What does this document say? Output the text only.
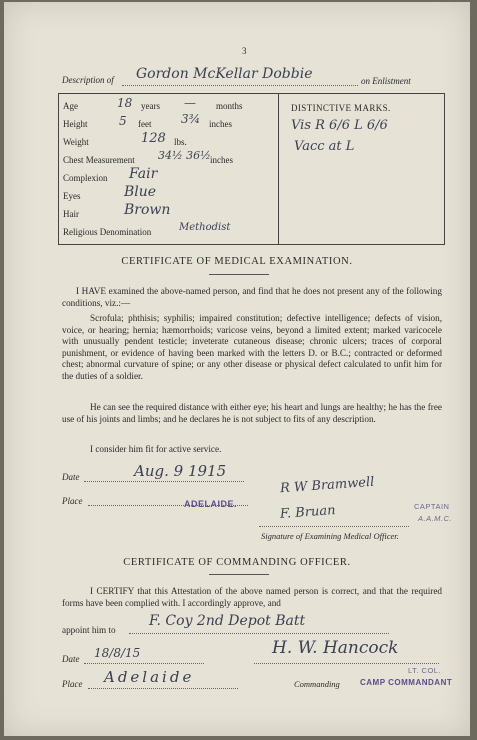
3
Description of Gordon McKellar Dobbie	on Enlistment
Age	18 years — months
Height	5 feet 3¾ inches
Weight	128 lbs.
Chest Measurement 34½ 36½ inches
Complexion Fair
Eyes	Blue
Hair	Brown
Religious Denomination	Methodist
DISTINCTIVE MARKS.
Vis R 6/6 L 6/6
Vacc at L
CERTIFICATE OF MEDICAL EXAMINATION.
I HAVE examined the above-named person, and find that he does not present any of the following conditions, viz.:—
Scrofula; phthisis; syphilis; impaired constitution; defective intelligence; defects of vision, voice, or hearing; hernia; hæmorrhoids; varicose veins, beyond a limited extent; marked varicocele with unusually pendent testicle; inveterate cutaneous disease; chronic ulcers; traces of corporal punishment, or evidence of having been marked with the letters D. or B.C.; contracted or deformed chest; abnormal curvature of spine; or any other disease or physical defect calculated to unfit him for the duties of a soldier.
He can see the required distance with either eye; his heart and lungs are healthy; he has the free use of his joints and limbs; and he declares he is not subject to fits of any description.
I consider him fit for active service.
Date	Aug. 9 1915
Place	ADELAIDE.
R W Bramwell
F. Bruan	CAPTAIN
A.A.M.C.
Signature of Examining Medical Officer.
CERTIFICATE OF COMMANDING OFFICER.
I CERTIFY that this Attestation of the above named person is correct, and that the required forms have been complied with. I accordingly approve, and
appoint him to
F. Coy 2nd Depot Batt
Date 18/8/15	H. W. Hancock
LT. COL.
Place Adelaide	Commanding	CAMP COMMANDANT
